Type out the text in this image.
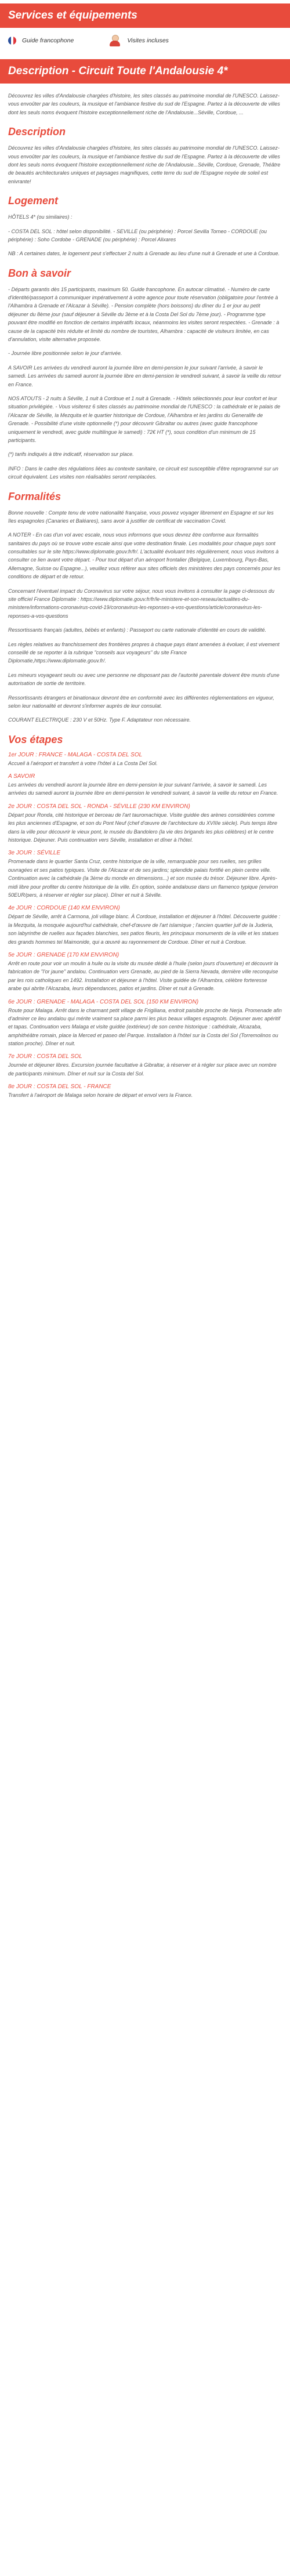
Services et équipements
Guide francophone	Visites incluses
Description - Circuit Toute l'Andalousie 4*

Découvrez les villes d'Andalousie chargées d'histoire, les sites classés au patrimoine mondial de l'UNESCO. Laissez-vous envoûter par les couleurs, la musique et l'ambiance festive du sud de l'Espagne. Partez à la découverte de villes dont les seuls noms évoquent l'histoire exceptionnellement riche de l'Andalousie...Séville, Cordoue, ...

Description

Découvrez les villes d'Andalousie chargées d'histoire, les sites classés au patrimoine mondial de l'UNESCO. Laissez-vous envoûter par les couleurs, la musique et l'ambiance festive du sud de l'Espagne. Partez à la découverte de villes dont les seuls noms évoquent l'histoire exceptionnellement riche de l'Andalousie...Séville, Cordoue, Grenade, Théâtre de beautés architecturales uniques et paysages magnifiques, cette terre du sud de l'Espagne noyée de soleil est enivrante!

Logement

HÔTELS 4* (ou similaires) :

- COSTA DEL SOL : hôtel selon disponibilité. - SEVILLE (ou périphérie) : Porcel Sevilla Torneo - CORDOUE (ou périphérie) : Soho Cordobe - GRENADE (ou périphérie) : Porcel Alixares

NB : A certaines dates, le logement peut s'effectuer 2 nuits à Grenade au lieu d'une nuit à Grenade et une à Cordoue.

Bon à savoir

- Départs garantis dès 15 participants, maximum 50. Guide francophone. En autocar climatisé. - Numéro de carte d'identité/passeport à communiquer impérativement à votre agence pour toute réservation (obligatoire pour l'entrée à l'Alhambra à Grenade et l'Alcazar à Séville). - Pension complète (hors boissons) du dîner du 1 er jour au petit déjeuner du 8ème jour (sauf déjeuner à Séville du 3ème et à la Costa Del Sol du 7ème jour). - Programme type pouvant être modifié en fonction de certains impératifs locaux, néanmoins les visites seront respectées. - Grenade : à cause de la capacité très réduite et limité du nombre de touristes, Alhambra : capacité de visiteurs limitée, en cas d'annulation, visite alternative proposée.

- Journée libre positionnée selon le jour d'arrivée.

A SAVOIR Les arrivées du vendredi auront la journée libre en demi-pension le jour suivant l'arrivée, à savoir le samedi. Les arrivées du samedi auront la journée libre en demi-pension le vendredi suivant, à savoir la veille du retour en France.

NOS ATOUTS - 2 nuits à Séville, 1 nuit à Cordoue et 1 nuit à Grenade. - Hôtels sélectionnés pour leur confort et leur situation privilégiée. - Vous visiterez 6 sites classés au patrimoine mondial de l'UNESCO : la cathédrale et le palais de l'Alcazar de Séville, la Mezquita et le quartier historique de Cordoue, l'Alhambra et les jardins du Generalife de Grenade. - Possibilité d'une visite optionnelle (*) pour découvrir Gibraltar ou autres (avec guide francophone uniquement le vendredi, avec guide multilingue le samedi) : 72€ HT (*), sous condition d'un minimum de 15 participants.

(*) tarifs indiqués à titre indicatif, réservation sur place.

INFO : Dans le cadre des régulations liées au contexte sanitaire, ce circuit est susceptible d'être reprogrammé sur un circuit équivalent. Les visites non réalisables seront remplacées.

Formalités

Bonne nouvelle : Compte tenu de votre nationalité française, vous pouvez voyager librement en Espagne et sur les îles espagnoles (Canaries et Baléares), sans avoir à justifier de certificat de vaccination Covid.

A NOTER - En cas d'un vol avec escale, nous vous informons que vous devrez être conforme aux formalités sanitaires du pays où se trouve votre escale ainsi que votre destination finale. Les modalités pour chaque pays sont consultables sur le site https://www.diplomatie.gouv.fr/fr/. L'actualité évoluant très régulièrement, nous vous invitons à consulter ce lien avant votre départ. - Pour tout départ d'un aéroport frontalier (Belgique, Luxembourg, Pays-Bas, Allemagne, Suisse ou Espagne...), veuillez vous référer aux sites officiels des ministères des pays concernés pour les conditions de départ et de retour.

Concernant l'éventuel impact du Coronavirus sur votre séjour, nous vous invitons à consulter la page ci-dessous du site officiel France Diplomatie : https://www.diplomatie.gouv.fr/fr/le-ministere-et-son-reseau/actualites-du-ministere/informations-coronavirus-covid-19/coronavirus-les-reponses-a-vos-questions/article/coronavirus-les-reponses-a-vos-questions

Ressortissants français (adultes, bébés et enfants) : Passeport ou carte nationale d'identité en cours de validité.

Les règles relatives au franchissement des frontières propres à chaque pays étant amenées à évoluer, il est vivement conseillé de se reporter à la rubrique "conseils aux voyageurs" du site France Diplomatie,https://www.diplomatie.gouv.fr/.

Les mineurs voyageant seuls ou avec une personne ne disposant pas de l'autorité parentale doivent être munis d'une autorisation de sortie de territoire.

Ressortissants étrangers et binationaux devront être en conformité avec les différentes réglementations en vigueur, selon leur nationalité et devront s'informer auprès de leur consulat.

COURANT ELECTRIQUE : 230 V et 50Hz. Type F. Adaptateur non nécessaire.

Vos étapes
1er JOUR : FRANCE - MALAGA - COSTA DEL SOL

Accueil à l'aéroport et transfert à votre l'hôtel à La Costa Del Sol.

A SAVOIR

Les arrivées du vendredi auront la journée libre en demi-pension le jour suivant l'arrivée, à savoir le samedi. Les arrivées du samedi auront la journée libre en demi-pension le vendredi suivant, à savoir la veille du retour en France.

2e JOUR : COSTA DEL SOL - RONDA - SÉVILLE (230 KM ENVIRON)

Départ pour Ronda, cité historique et berceau de l'art tauromachique. Visite guidée des arènes considérées comme les plus anciennes d'Espagne, et son du Pont Neuf (chef d'œuvre de l'architecture du XVIIIe siècle). Puis temps libre dans la ville pour découvrir le vieux pont, le musée du Bandolero (la vie des brigands les plus célèbres) et le centre historique. Déjeuner. Puis continuation vers Séville, installation et dîner à l'hôtel.

3e JOUR : SÉVILLE

Promenade dans le quartier Santa Cruz, centre historique de la ville, remarquable pour ses ruelles, ses grilles ouvragées et ses patios typiques. Visite de l'Alcazar et de ses jardins; splendide palais fortifié en plein centre ville. Continuation avec la cathédrale (la 3ème du monde en dimensions...) et son musée du trésor. Déjeuner libre. Après-midi libre pour profiter du centre historique de la ville. En option, soirée andalouse dans un flamenco typique (environ 50EUR/pers, à réserver et régler sur place). Dîner et nuit à Séville.

4e JOUR : CORDOUE (140 KM ENVIRON)

Départ de Séville, arrêt à Carmona, joli village blanc. À Cordoue, installation et déjeuner à l'hôtel. Découverte guidée : la Mezquita, la mosquée aujourd'hui cathédrale, chef-d'œuvre de l'art islamique ; l'ancien quartier juif de la Juderia, son labyrinthe de ruelles aux façades blanchies, ses patios fleuris, les principaux monuments de la ville et les statues des grands hommes tel Maimonide, qui a œuvré au rayonnement de Cordoue. Dîner et nuit à Cordoue.

5e JOUR : GRENADE (170 KM ENVIRON)

Arrêt en route pour voir un moulin à huile ou la visite du musée dédié à l'huile (selon jours d'ouverture) et découvrir la fabrication de "l'or jaune" andalou. Continuation vers Grenade, au pied de la Sierra Nevada, dernière ville reconquise par les rois catholiques en 1492. Installation et déjeuner à l'hôtel. Visite guidée de l'Alhambra, célèbre forteresse arabe qui abrite l'Alcazaba, leurs dépendances, patios et jardins. Dîner et nuit à Grenade.

6e JOUR : GRENADE - MALAGA - COSTA DEL SOL (150 KM ENVIRON)

Route pour Malaga. Arrêt dans le charmant petit village de Frigiliana, endroit paisible proche de Nerja. Promenade afin d'admirer ce lieu andalou qui mérite vraiment sa place parmi les plus beaux villages espagnols. Déjeuner avec apéritif et tapas. Continuation vers Malaga et visite guidée (extérieur) de son centre historique : cathédrale, Alcazaba, amphithéâtre romain, place la Merced et paseo del Parque. Installation à l'hôtel sur la Costa del Sol (Torremolinos ou station proche). Dîner et nuit.

7e JOUR : COSTA DEL SOL

Journée et déjeuner libres. Excursion journée facultative à Gibraltar, à réserver et à régler sur place avec un nombre de participants minimum. Dîner et nuit sur la Costa del Sol.

8e JOUR : COSTA DEL SOL - FRANCE

Transfert à l'aéroport de Malaga selon horaire de départ et envol vers la France.
